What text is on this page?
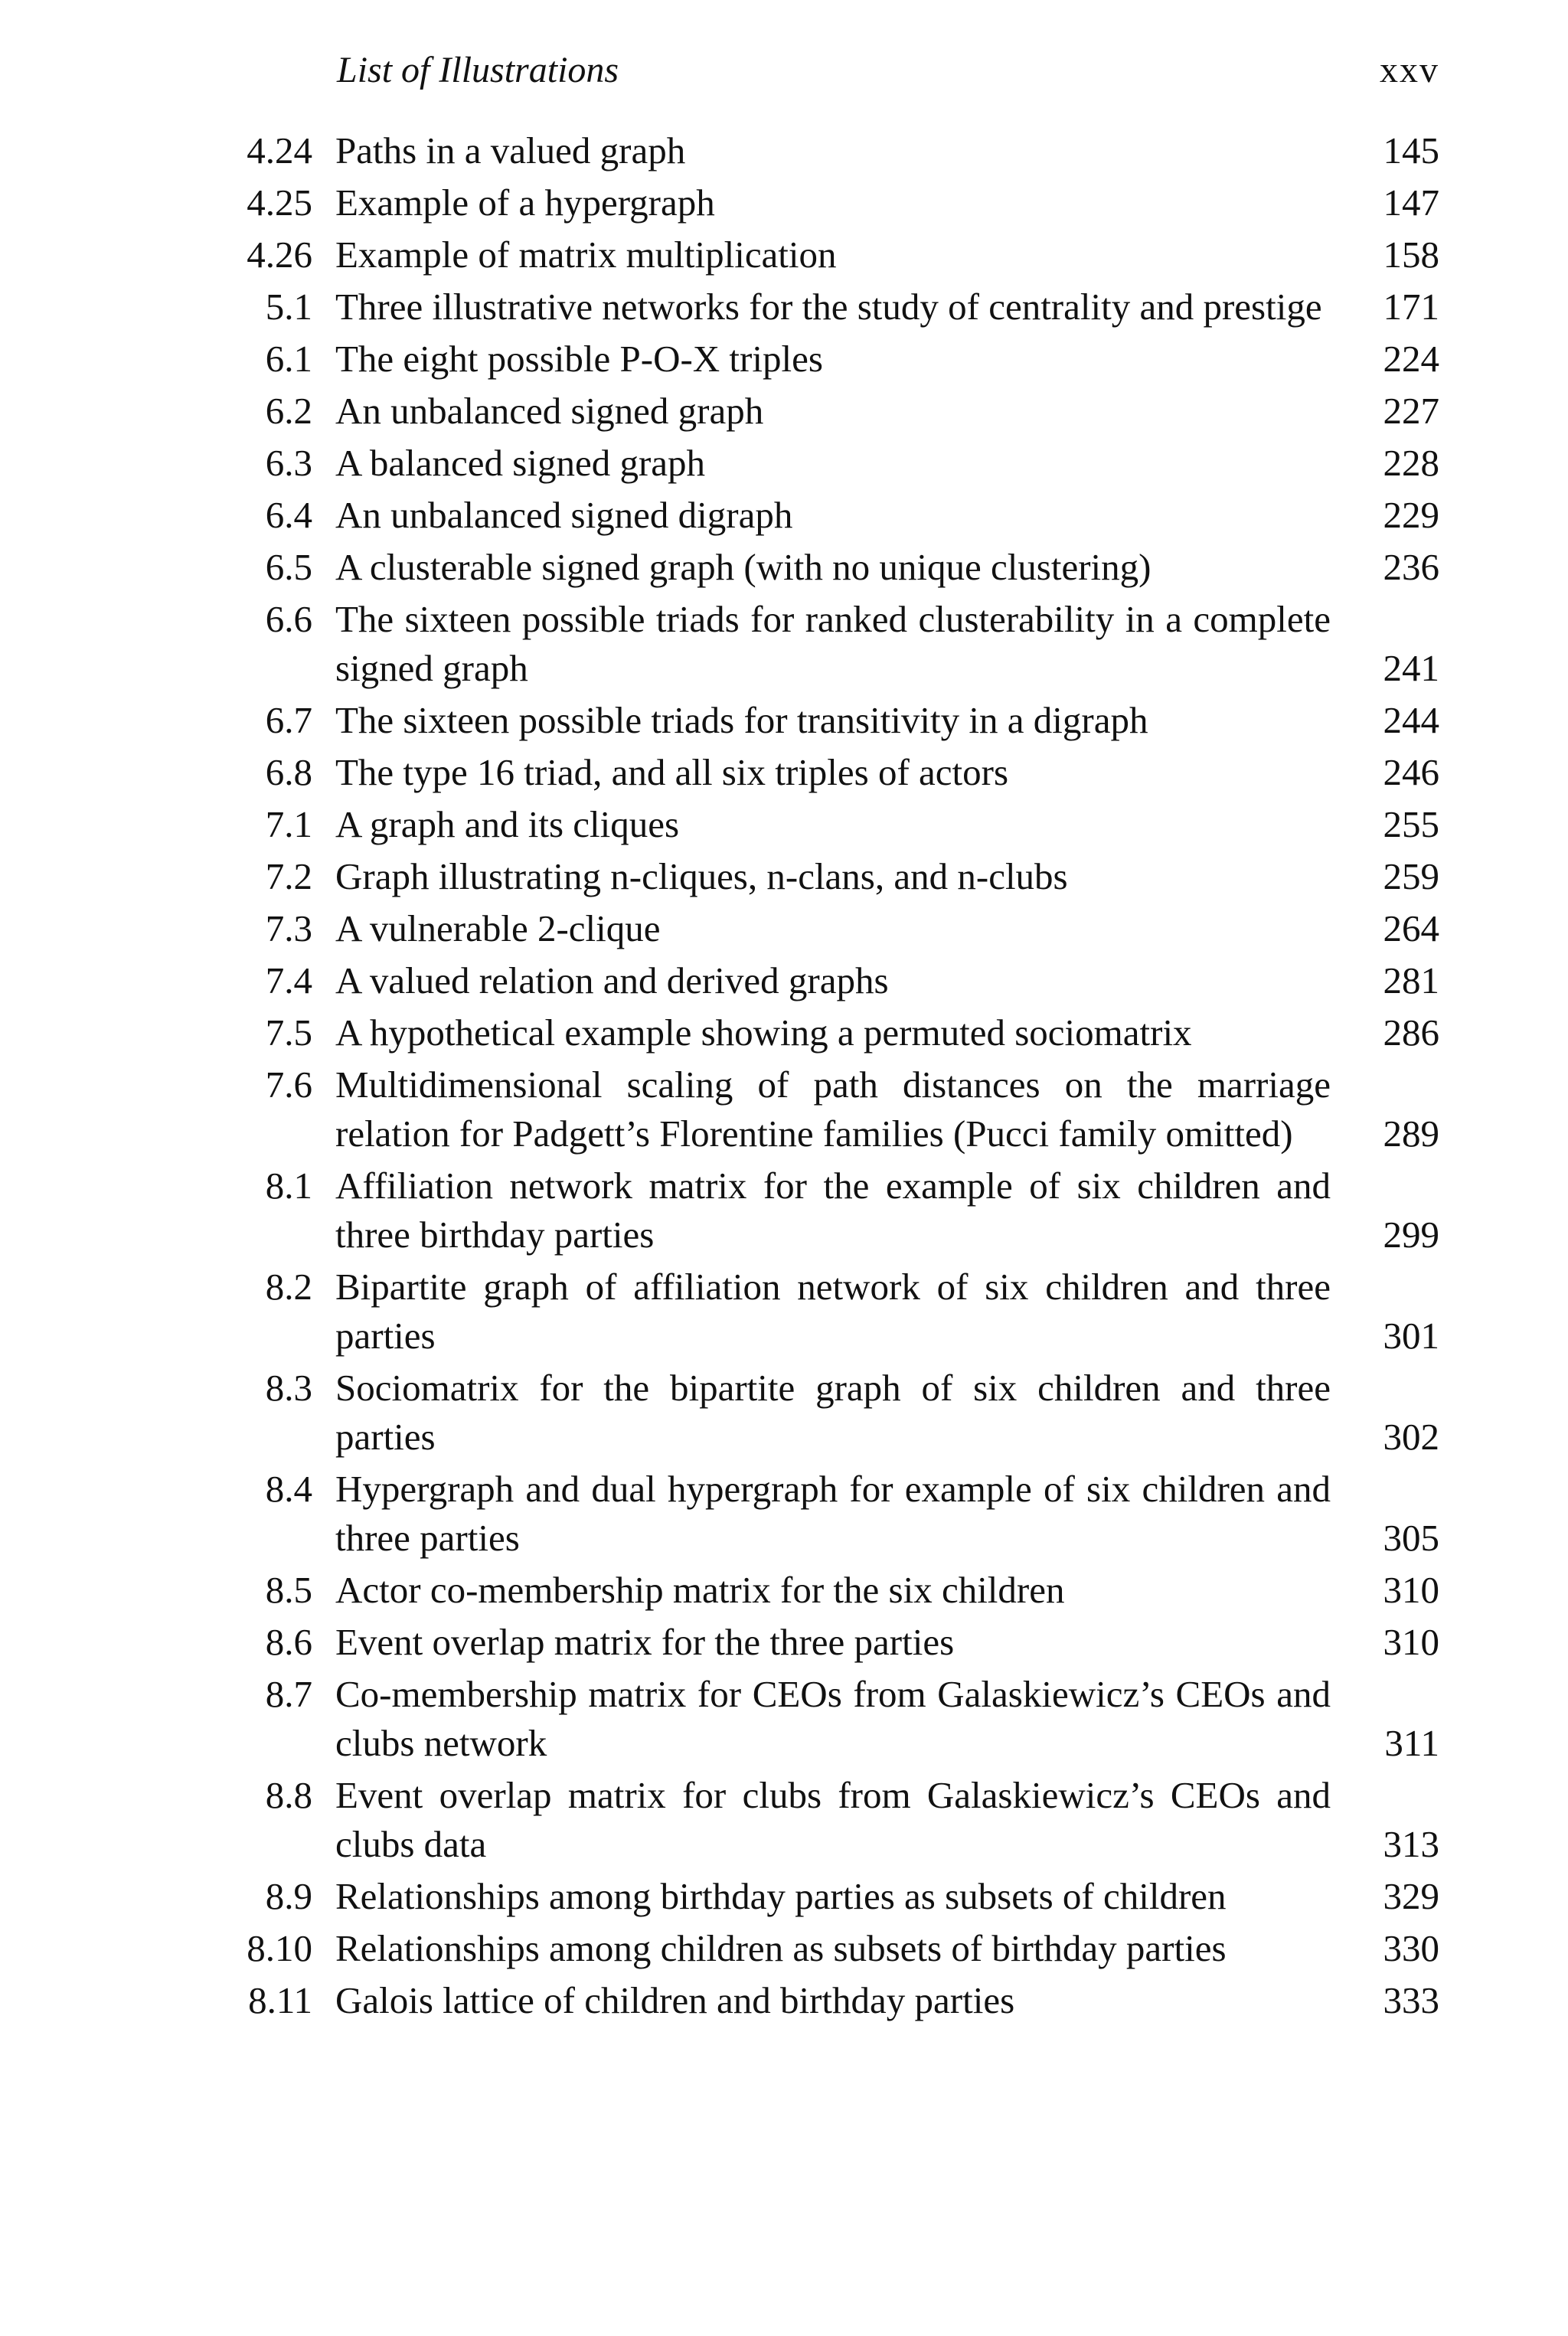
List of Illustrations	xxv
4.24 Paths in a valued graph	145
4.25 Example of a hypergraph	147
4.26 Example of matrix multiplication	158
5.1 Three illustrative networks for the study of centrality and prestige	171
6.1 The eight possible P-O-X triples	224
6.2 An unbalanced signed graph	227
6.3 A balanced signed graph	228
6.4 An unbalanced signed digraph	229
6.5 A clusterable signed graph (with no unique clustering)	236
6.6 The sixteen possible triads for ranked clusterability in a complete signed graph	241
6.7 The sixteen possible triads for transitivity in a digraph	244
6.8 The type 16 triad, and all six triples of actors	246
7.1 A graph and its cliques	255
7.2 Graph illustrating n-cliques, n-clans, and n-clubs	259
7.3 A vulnerable 2-clique	264
7.4 A valued relation and derived graphs	281
7.5 A hypothetical example showing a permuted sociomatrix	286
7.6 Multidimensional scaling of path distances on the marriage relation for Padgett’s Florentine families (Pucci family omitted)	289
8.1 Affiliation network matrix for the example of six children and three birthday parties	299
8.2 Bipartite graph of affiliation network of six children and three parties	301
8.3 Sociomatrix for the bipartite graph of six children and three parties	302
8.4 Hypergraph and dual hypergraph for example of six children and three parties	305
8.5 Actor co-membership matrix for the six children	310
8.6 Event overlap matrix for the three parties	310
8.7 Co-membership matrix for CEOs from Galaskiewicz’s CEOs and clubs network	311
8.8 Event overlap matrix for clubs from Galaskiewicz’s CEOs and clubs data	313
8.9 Relationships among birthday parties as subsets of children	329
8.10 Relationships among children as subsets of birthday parties	330
8.11 Galois lattice of children and birthday parties	333
